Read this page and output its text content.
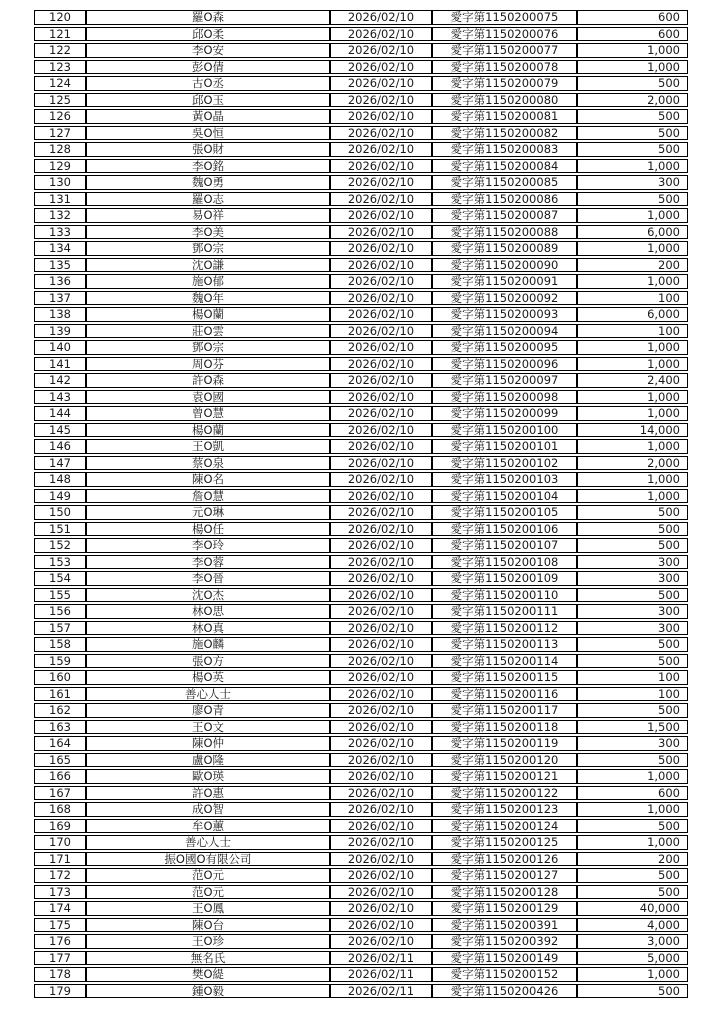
120	羅O森	2026/02/10	愛字第1150200075	600
121	邱O柔	2026/02/10	愛字第1150200076	600
122	李O安	2026/02/10	愛字第1150200077	1,000
123	彭O倩	2026/02/10	愛字第1150200078	1,000
124	古O丞	2026/02/10	愛字第1150200079	500
125	邱O玉	2026/02/10	愛字第1150200080	2,000
126	黃O晶	2026/02/10	愛字第1150200081	500
127	吳O恒	2026/02/10	愛字第1150200082	500
128	張O財	2026/02/10	愛字第1150200083	500
129	李O銘	2026/02/10	愛字第1150200084	1,000
130	魏O勇	2026/02/10	愛字第1150200085	300
131	羅O志	2026/02/10	愛字第1150200086	500
132	易O祥	2026/02/10	愛字第1150200087	1,000
133	李O美	2026/02/10	愛字第1150200088	6,000
134	鄧O宗	2026/02/10	愛字第1150200089	1,000
135	沈O謙	2026/02/10	愛字第1150200090	200
136	施O郁	2026/02/10	愛字第1150200091	1,000
137	魏O年	2026/02/10	愛字第1150200092	100
138	楊O蘭	2026/02/10	愛字第1150200093	6,000
139	莊O雲	2026/02/10	愛字第1150200094	100
140	鄧O宗	2026/02/10	愛字第1150200095	1,000
141	周O芬	2026/02/10	愛字第1150200096	1,000
142	許O森	2026/02/10	愛字第1150200097	2,400
143	袁O國	2026/02/10	愛字第1150200098	1,000
144	曾O慧	2026/02/10	愛字第1150200099	1,000
145	楊O蘭	2026/02/10	愛字第1150200100	14,000
146	王O凱	2026/02/10	愛字第1150200101	1,000
147	蔡O泉	2026/02/10	愛字第1150200102	2,000
148	陳O名	2026/02/10	愛字第1150200103	1,000
149	詹O慧	2026/02/10	愛字第1150200104	1,000
150	元O琳	2026/02/10	愛字第1150200105	500
151	楊O任	2026/02/10	愛字第1150200106	500
152	李O玲	2026/02/10	愛字第1150200107	500
153	李O蓉	2026/02/10	愛字第1150200108	300
154	李O晉	2026/02/10	愛字第1150200109	300
155	沈O杰	2026/02/10	愛字第1150200110	500
156	林O思	2026/02/10	愛字第1150200111	300
157	林O真	2026/02/10	愛字第1150200112	300
158	施O麟	2026/02/10	愛字第1150200113	500
159	張O方	2026/02/10	愛字第1150200114	500
160	楊O英	2026/02/10	愛字第1150200115	100
161	善心人士	2026/02/10	愛字第1150200116	100
162	廖O青	2026/02/10	愛字第1150200117	500
163	王O文	2026/02/10	愛字第1150200118	1,500
164	陳O仲	2026/02/10	愛字第1150200119	300
165	盧O隆	2026/02/10	愛字第1150200120	500
166	歐O瑛	2026/02/10	愛字第1150200121	1,000
167	許O惠	2026/02/10	愛字第1150200122	600
168	成O智	2026/02/10	愛字第1150200123	1,000
169	牟O蕙	2026/02/10	愛字第1150200124	500
170	善心人士	2026/02/10	愛字第1150200125	1,000
171	振O國O有限公司	2026/02/10	愛字第1150200126	200
172	范O元	2026/02/10	愛字第1150200127	500
173	范O元	2026/02/10	愛字第1150200128	500
174	王O鳳	2026/02/10	愛字第1150200129	40,000
175	陳O台	2026/02/10	愛字第1150200391	4,000
176	王O珍	2026/02/10	愛字第1150200392	3,000
177	無名氏	2026/02/11	愛字第1150200149	5,000
178	樊O緹	2026/02/11	愛字第1150200152	1,000
179	鍾O毅	2026/02/11	愛字第1150200426	500
